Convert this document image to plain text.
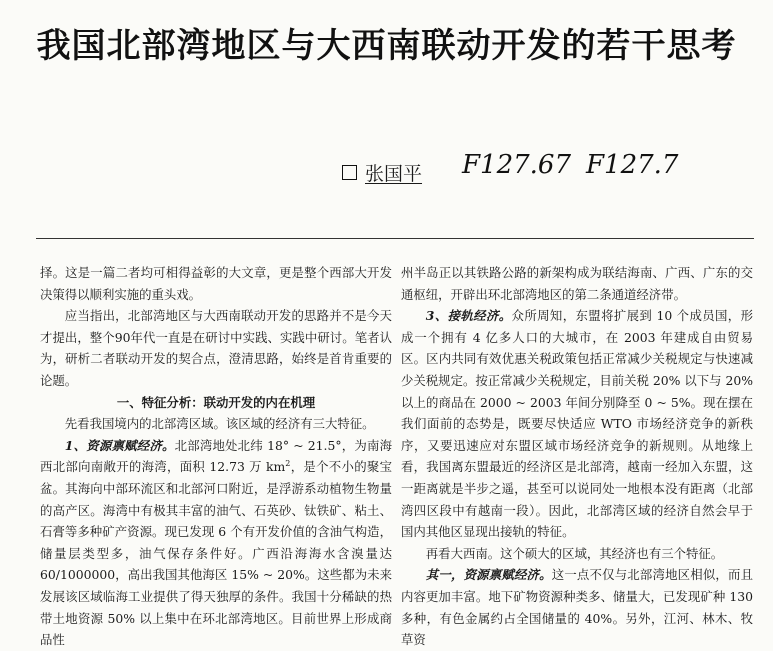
我国北部湾地区与大西南联动开发的若干思考
张国平 F127.67 F127.7

择。这是一篇二者均可相得益彰的大文章，更是整个西部大开发决策得以顺利实施的重头戏。

应当指出，北部湾地区与大西南联动开发的思路并不是今天才提出，整个90年代一直是在研讨中实践、实践中研讨。笔者认为，研析二者联动开发的契合点，澄清思路，始终是首肯重要的论题。

一、特征分析：联动开发的内在机理

先看我国境内的北部湾区域。该区域的经济有三大特征。

1、资源禀赋经济。北部湾地处北纬 18° ~ 21.5°，为南海西北部向南敞开的海湾，面积 12.73 万 $km^2$，是个不小的聚宝盆。其海向中部环流区和北部河口附近，是浮游系动植物生物量的高产区。海湾中有极其丰富的油气、石英砂、钛铁矿、粘土、石膏等多种矿产资源。现已发现 6 个有开发价值的含油气构造，储量层类型多，油气保存条件好。广西沿海海水含溴量达 60/1000000，高出我国其他海区 15% ~ 20%。这些都为未来发展该区域临海工业提供了得天独厚的条件。我国十分稀缺的热带土地资源 50% 以上集中在环北部湾地区。目前世界上形成商品性

州半岛正以其铁路公路的新架构成为联结海南、广西、广东的交通枢纽，开辟出环北部湾地区的第二条通道经济带。

3、接轨经济。众所周知，东盟将扩展到 10 个成员国，形成一个拥有 4 亿多人口的大城市，在 2003 年建成自由贸易区。区内共同有效优惠关税政策包括正常减少关税规定与快速减少关税规定。按正常减少关税规定，目前关税 20% 以下与 20% 以上的商品在 2000 ~ 2003 年间分别降至 0 ~ 5%。现在摆在我们面前的态势是，既要尽快适应 WTO 市场经济竞争的新秩序，又要迅速应对东盟区域市场经济竞争的新规则。从地缘上看，我国离东盟最近的经济区是北部湾，越南一经加入东盟，这一距离就是半步之遥，甚至可以说同处一地根本没有距离（北部湾四区段中有越南一段）。因此，北部湾区域的经济自然会早于国内其他区显现出接轨的特征。

再看大西南。这个硕大的区域，其经济也有三个特征。

其一，资源禀赋经济。这一点不仅与北部湾地区相似，而且内容更加丰富。地下矿物资源种类多、储量大，已发现矿种 130 多种，有色金属约占全国储量的 40%。另外，江河、林木、牧草资
